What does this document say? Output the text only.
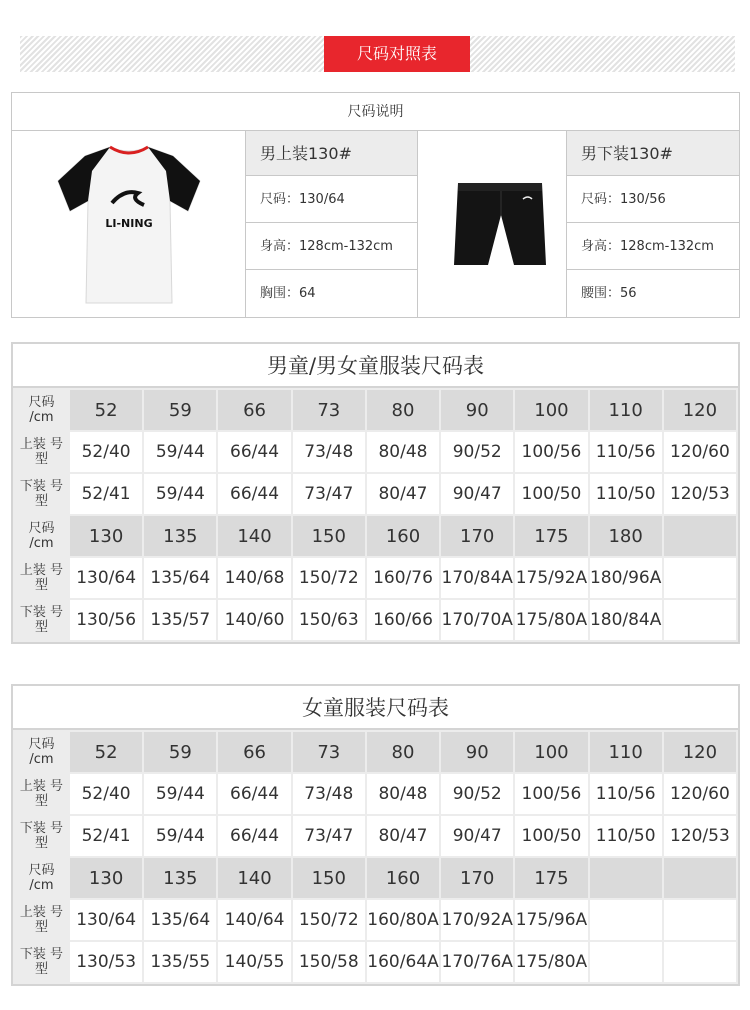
尺码对照表
尺码说明
LI-NING
男上装130#
尺码：130/64
身高：128cm-132cm
胸围：64
男下装130#
尺码：130/56
身高：128cm-132cm
腰围：56
男童/男女童服装尺码表
尺码 /cm	52	59	66	73	80	90	100	110	120
上装 号型	52/40	59/44	66/44	73/48	80/48	90/52	100/56 110/56 120/60
下装 号型	52/41	59/44	66/44	73/47	80/47	90/47	100/50 110/50 120/53
尺码 /cm	130	135	140	150	160	170	175	180
上装 号型	130/64 135/64 140/68 150/72 160/76 170/84A 175/92A 180/96A
下装 号型	130/56 135/57 140/60 150/63 160/66 170/70A 175/80A 180/84A
女童服装尺码表
尺码 /cm	52	59	66	73	80	90	100	110	120
上装 号型	52/40	59/44	66/44	73/48	80/48	90/52	100/56 110/56 120/60
下装 号型	52/41	59/44	66/44	73/47	80/47	90/47	100/50 110/50 120/53
尺码 /cm	130	135	140	150	160	170	175
上装 号型	130/64 135/64 140/64 150/72 160/80A 170/92A 175/96A
下装 号型	130/53 135/55 140/55 150/58 160/64A 170/76A 175/80A
